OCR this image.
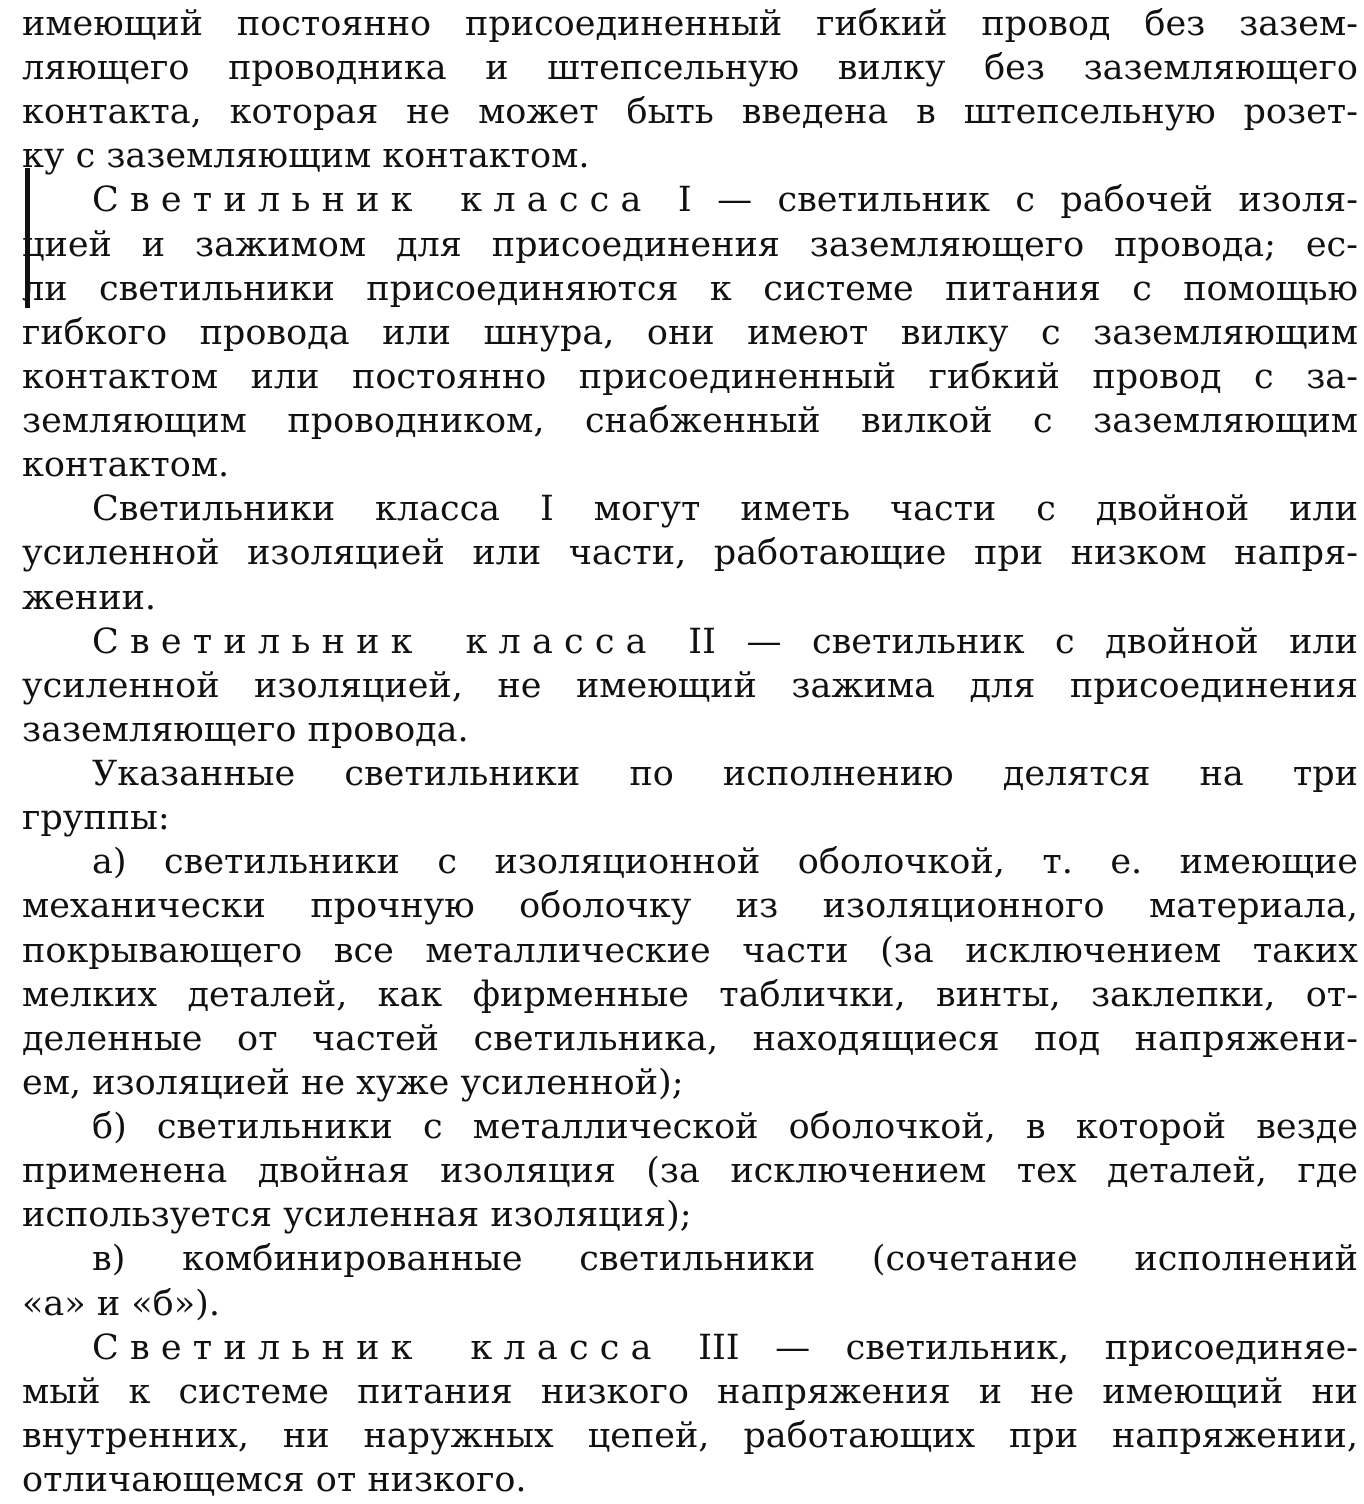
имеющий постоянно присоединенный гибкий провод без зазем-
ляющего проводника и штепсельную вилку без заземляющего
контакта, которая не может быть введена в штепсельную розет-
ку с заземляющим контактом.
Светильник класса I — светильник с рабочей изоля-
цией и зажимом для присоединения заземляющего провода; ес-
ли светильники присоединяются к системе питания с помощью
гибкого провода или шнура, они имеют вилку с заземляющим
контактом или постоянно присоединенный гибкий провод с за-
земляющим проводником, снабженный вилкой с заземляющим
контактом.
Светильники класса I могут иметь части с двойной или
усиленной изоляцией или части, работающие при низком напря-
жении.
Светильник класса II — светильник с двойной или
усиленной изоляцией, не имеющий зажима для присоединения
заземляющего провода.
Указанные светильники по исполнению делятся на три
группы:
а) светильники с изоляционной оболочкой, т. е. имеющие
механически прочную оболочку из изоляционного материала,
покрывающего все металлические части (за исключением таких
мелких деталей, как фирменные таблички, винты, заклепки, от-
деленные от частей светильника, находящиеся под напряжени-
ем, изоляцией не хуже усиленной);
б) светильники с металлической оболочкой, в которой везде
применена двойная изоляция (за исключением тех деталей, где
используется усиленная изоляция);
в) комбинированные светильники (сочетание исполнений
«а» и «б»).
Светильник класса III — светильник, присоединяе-
мый к системе питания низкого напряжения и не имеющий ни
внутренних, ни наружных цепей, работающих при напряжении,
отличающемся от низкого.
